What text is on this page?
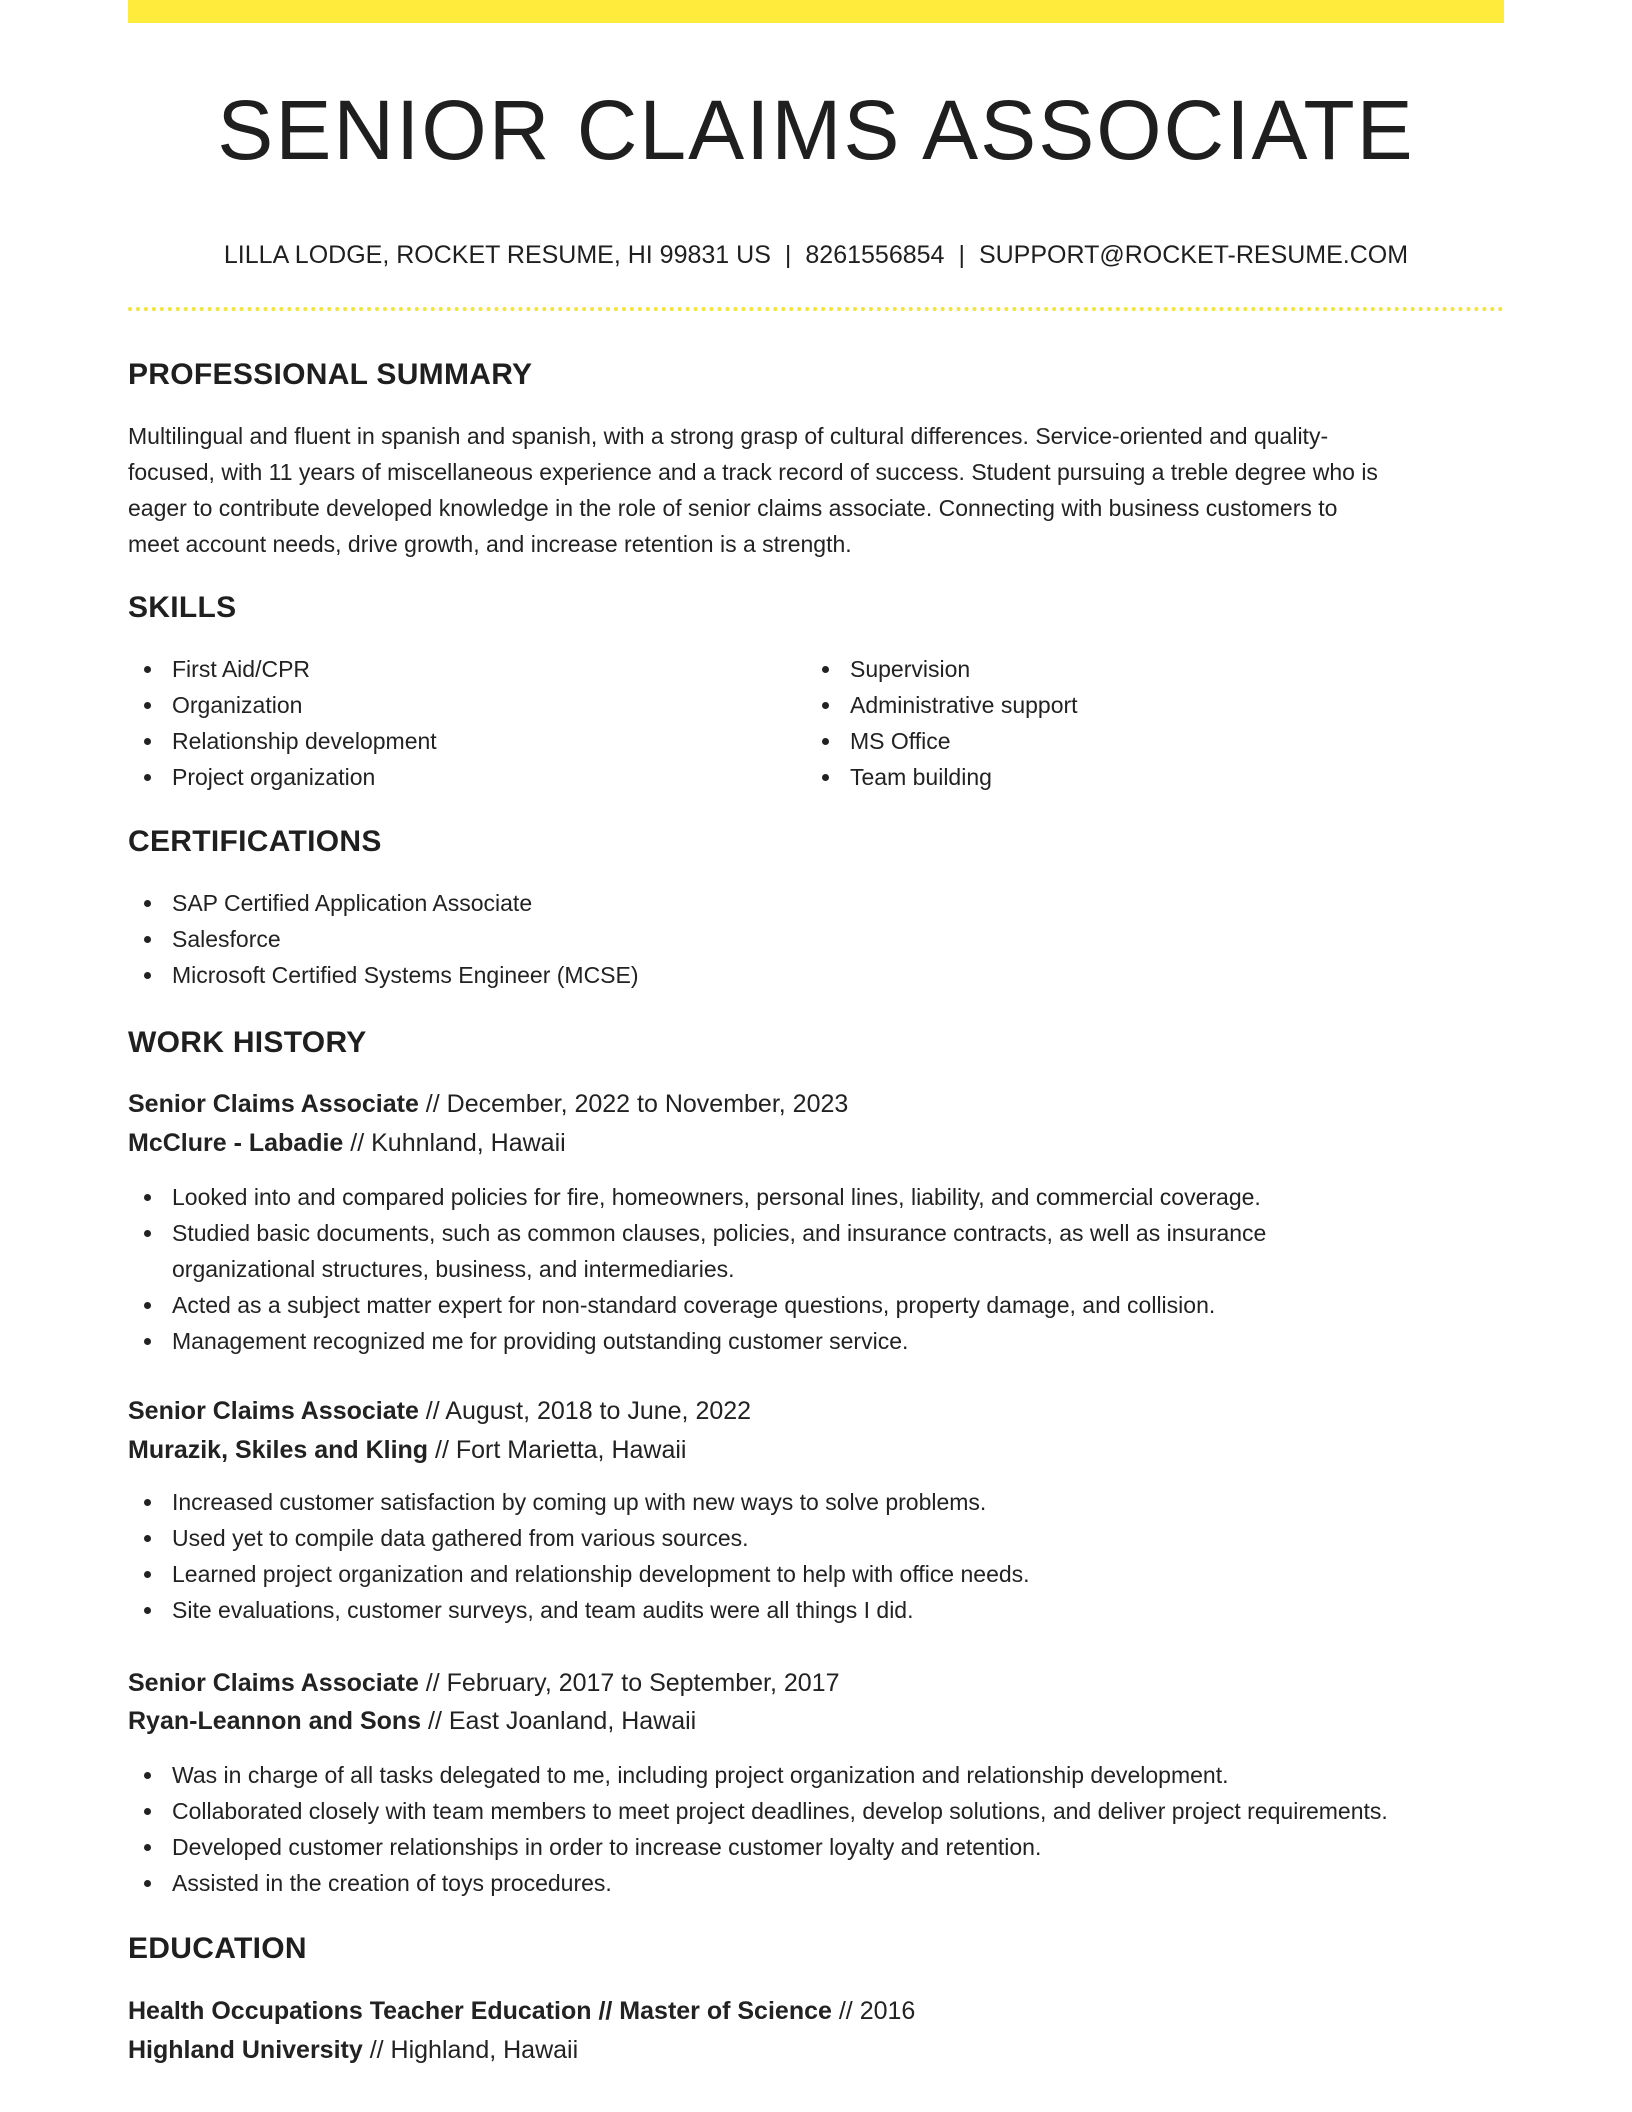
SENIOR CLAIMS ASSOCIATE
LILLA LODGE, ROCKET RESUME, HI 99831 US | 8261556854 | SUPPORT@ROCKET-RESUME.COM
PROFESSIONAL SUMMARY
Multilingual and fluent in spanish and spanish, with a strong grasp of cultural differences. Service-oriented and quality-
focused, with 11 years of miscellaneous experience and a track record of success. Student pursuing a treble degree who is
eager to contribute developed knowledge in the role of senior claims associate. Connecting with business customers to
meet account needs, drive growth, and increase retention is a strength.
SKILLS
First Aid/CPR
Organization
Relationship development
Project organization
Supervision
Administrative support
MS Office
Team building
CERTIFICATIONS
SAP Certified Application Associate
Salesforce
Microsoft Certified Systems Engineer (MCSE)
WORK HISTORY
Senior Claims Associate // December, 2022 to November, 2023
McClure - Labadie // Kuhnland, Hawaii
Looked into and compared policies for fire, homeowners, personal lines, liability, and commercial coverage.
Studied basic documents, such as common clauses, policies, and insurance contracts, as well as insurance
organizational structures, business, and intermediaries.
Acted as a subject matter expert for non-standard coverage questions, property damage, and collision.
Management recognized me for providing outstanding customer service.
Senior Claims Associate // August, 2018 to June, 2022
Murazik, Skiles and Kling // Fort Marietta, Hawaii
Increased customer satisfaction by coming up with new ways to solve problems.
Used yet to compile data gathered from various sources.
Learned project organization and relationship development to help with office needs.
Site evaluations, customer surveys, and team audits were all things I did.
Senior Claims Associate // February, 2017 to September, 2017
Ryan-Leannon and Sons // East Joanland, Hawaii
Was in charge of all tasks delegated to me, including project organization and relationship development.
Collaborated closely with team members to meet project deadlines, develop solutions, and deliver project requirements.
Developed customer relationships in order to increase customer loyalty and retention.
Assisted in the creation of toys procedures.
EDUCATION
Health Occupations Teacher Education // Master of Science // 2016
Highland University // Highland, Hawaii
